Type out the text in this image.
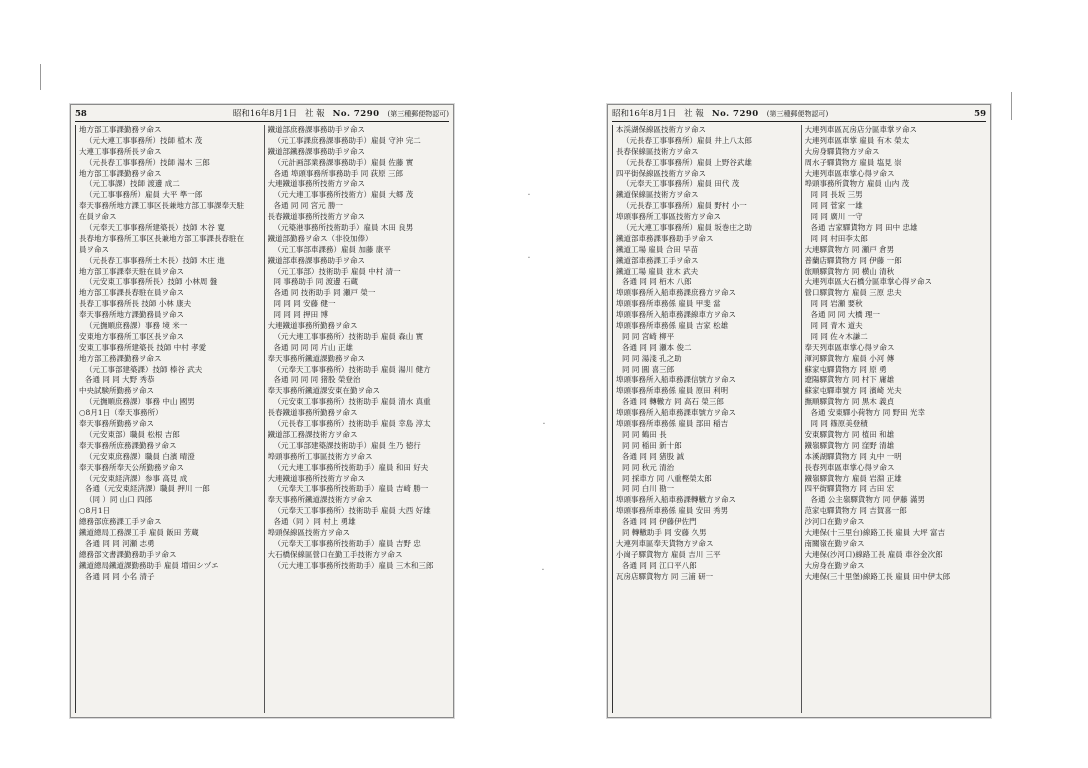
58	昭和16年8月1日 社 報 No. 7290 (第三種郵便物認可)
地方部工事課勤務ヲ命ス
（元大連工事事務所）技師 植木 茂
大連工事事務所長ヲ命ス
（元長春工事事務所）技師 湯木 三郎
地方部工事課勤務ヲ命ス
（元工事課）技師 渡邊 成二
（元工事事務所）雇員 大平 準一郎
奉天事務所地方課工事区長兼地方部工事課奉天駐
在員ヲ命ス
（元奉天工事事務所建築長）技師 木谷 寛
長春地方事務所工事区長兼地方部工事課長春駐在
員ヲ命ス
（元長春工事事務所土木長）技師 木庄 進
地方部工事課奉天駐在員ヲ命ス
（元安東工事事務所長）技師 小林周 盤
地方部工事課長春駐在員ヲ命ス
長春工事事務所長 技師 小林 康夫
奉天事務所地方課勤務員ヲ命ス
（元撫順庶務課）事務 境 米一
安東地方事務所工事区長ヲ命ス
安東工事事務所建築長 技師 中村 孝愛
地方部工務課勤務ヲ命ス
（元工事部建築課）技師 榛谷 武夫
各通 同 同 大野 秀恭
中央試験所勤務ヲ命ス
（元撫順庶務課）事務 中山 國男
○8月1日（奉天事務所）
奉天事務所勤務ヲ命ス
（元安東部）職員 松根 吉郎
奉天事務所庶務課勤務ヲ命ス
（元安東庶務課）職員 白濱 晴澄
奉天事務所奉天公所勤務ヲ命ス
（元安東経済課）参事 高見 成
各通（元安東経済課）職員 押川 一郎
（同 ）同 山口 四郎
○8月1日
總務部庶務課工手ヲ命ス
鐵道總局工務課工手 雇員 飯田 芳蔵
各通 同 同 河瀬 志勇
總務部文書課勤務助手ヲ命ス
鐵道總局鐵道課勤務助手 雇員 増田シヅエ
各通 同 同 小名 清子
鐵道部庶務課事務助手ヲ命ス
（元工事課庶務課事務助手）雇員 守沖 完二
鐵道部鐵務課事務助手ヲ命ス
（元計画部業務課事務助手）雇員 佐藤 實
各通 埠頭事務所事務助手 同 荻原 三郎
大連鐵道事務所技術方ヲ命ス
（元大連工事事務所技術方）雇員 大郷 茂
各通 同 同 宮元 勝一
長春鐵道事務所技術方ヲ命ス
（元築港事務所技術助手）雇員 木田 良男
鐵道部勤務ヲ命ス（非役加俸）
（元工事部車課務）雇員 加藤 康平
鐵道部車務課事務助手ヲ命ス
（元工事部）技術助手 雇員 中村 清一
同 事務助手 同 渡邊 石蔵
各通 同 技術助手 同 瀬戸 榮一
同 同 同 安藤 健一
同 同 同 押田 博
大連鐵道事務所勤務ヲ命ス
（元大連工事事務所）技術助手 雇員 森山 實
各通 同 同 同 片山 正雄
奉天事務所鐵道課勤務ヲ命ス
（元奉天工事事務所）技術助手 雇員 湯川 健方
各通 同 同 同 猪股 榮登治
奉天事務所鐵道課安東在勤ヲ命ス
（元安東工事事務所）技術助手 雇員 清水 真重
長春鐵道事務所勤務ヲ命ス
（元長春工事事務所）技術助手 雇員 幸島 淳太
鐵道部工務課技術方ヲ命ス
（元工事部建築課技術助手）雇員 生乃 徳行
埠頭事務所工事區技術方ヲ命ス
（元大連工事事務所技術助手）雇員 和田 好夫
大連鐵道事務所技術方ヲ命ス
（元奉天工事事務所技術助手）雇員 吉崎 勝一
奉天事務所鐵道課技術方ヲ命ス
（元奉天工事事務所）技術助手 雇員 大西 好雄
各通（同 ）同 村上 勇雄
埠頭保線區技術方ヲ命ス
（元奉天工事事務所技術助手）雇員 吉野 忠
大石橋保線區營口在勤工手技術方ヲ命ス
（元大連工事事務所技術助手）雇員 三木和三郎
昭和16年8月1日 社 報 No. 7290 (第三種郵便物認可)	59
本渓湖保線區技術方ヲ命ス
（元長春工事事務所）雇員 井上八太郎
長春保線區技術方ヲ命ス
（元長春工事事務所）雇員 上野谷武雄
四平街保線區技術方ヲ命ス
（元奉天工事事務所）雇員 田代 茂
鐵道保線區技術方ヲ命ス
（元長春工事事務所）雇員 野村 小一
埠頭事務所工事區技術方ヲ命ス
（元大連工事事務所）雇員 坂巻庄之助
鐵道部車務課事務助手ヲ命ス
鐵道工場 雇員 合田 早苗
鐵道部車務課工手ヲ命ス
鐵道工場 雇員 並木 武夫
各通 同 同 栢木 八郎
埠頭事務所入船車務課庶務方ヲ命ス
埠頭事務所車務係 雇員 甲斐 當
埠頭事務所入船車務課線車方ヲ命ス
埠頭事務所車務係 雇員 吉家 松雄
同 同 宮崎 柳平
各通 同 同 瀬本 俊二
同 同 湯淺 孔之助
同 同 圓 喜三郎
埠頭事務所入船車務課信號方ヲ命ス
埠頭事務所車務係 雇員 原田 利明
各通 同 轉轍方 同 高石 榮三郎
埠頭事務所入船車務課車號方ヲ命ス
埠頭事務所車務係 雇員 部田 稲吉
同 同 鶴田 長
同 同 稲田 新十郎
各通 同 同 猪股 誠
同 同 秋元 清治
同 採車方 同 八重樫榮太郎
同 同 白川 勘一
埠頭事務所入船車務課轉轍方ヲ命ス
埠頭事務所車務係 雇員 安田 秀男
各通 同 同 伊藤伊佐門
同 轉轍助手 同 安藤 久男
大連列車區奉天貨物方ヲ命ス
小崗子驛貨物方 雇員 吉川 三平
各通 同 同 江口平八郎
瓦房店驛貨物方 同 三浦 研一
大連列車區瓦房店分區車掌ヲ命ス
大連列車區車掌 雇員 有木 榮太
大房身驛貨物方ヲ命ス
周水子驛貨物方 雇員 塩見 崇
大連列車區車掌心得ヲ命ス
埠頭事務所貨物方 雇員 山内 茂
同 同 長坂 三男
同 同 菅家 一雄
同 同 廣川 一守
各通 吉家驛貨物方 同 田中 忠雄
同 同 村田李太郎
大連驛貨物方 同 瀬戸 倉男
普蘭店驛貨物方 同 伊藤 一郎
旅順驛貨物方 同 横山 清秋
大連列車區大石橋分區車掌心得ヲ命ス
營口驛貨物方 雇員 三原 忠夫
同 同 岩瀬 要秋
各通 同 同 大橋 理一
同 同 青木 道夫
同 同 佐々木謙二
奉天列車區車掌心得ヲ命ス
渾河驛貨物方 雇員 小河 傳
蘇家屯驛貨物方 同 原 勇
遼陽驛貨物方 同 村下 庸雄
蘇家屯驛車號方 同 濱崎 光夫
撫順驛貨物方 同 黒木 義貞
各通 安東驛小荷物方 同 野田 光幸
同 同 篠原美登積
安東驛貨物方 同 植田 和雄
鐵嶺驛貨物方 同 窪野 清雄
本溪湖驛貨物方 同 丸中 一明
長春列車區車掌心得ヲ命ス
鐵嶺驛貨物方 雇員 岩淵 正雄
四平街驛貨物方 同 古田 宏
各通 公主嶺驛貨物方 同 伊藤 滿男
范家屯驛貨物方 同 吉賀喜一郎
沙河口在勤ヲ命ス
大連保(十三里台)線路工長 雇員 大坪 富吉
南關嶺在勤ヲ命ス
大連保(沙河口)線路工長 雇員 車谷金次郎
大房身在勤ヲ命ス
大連保(三十里堡)線路工長 雇員 田中伊太郎
·
·
·
·
